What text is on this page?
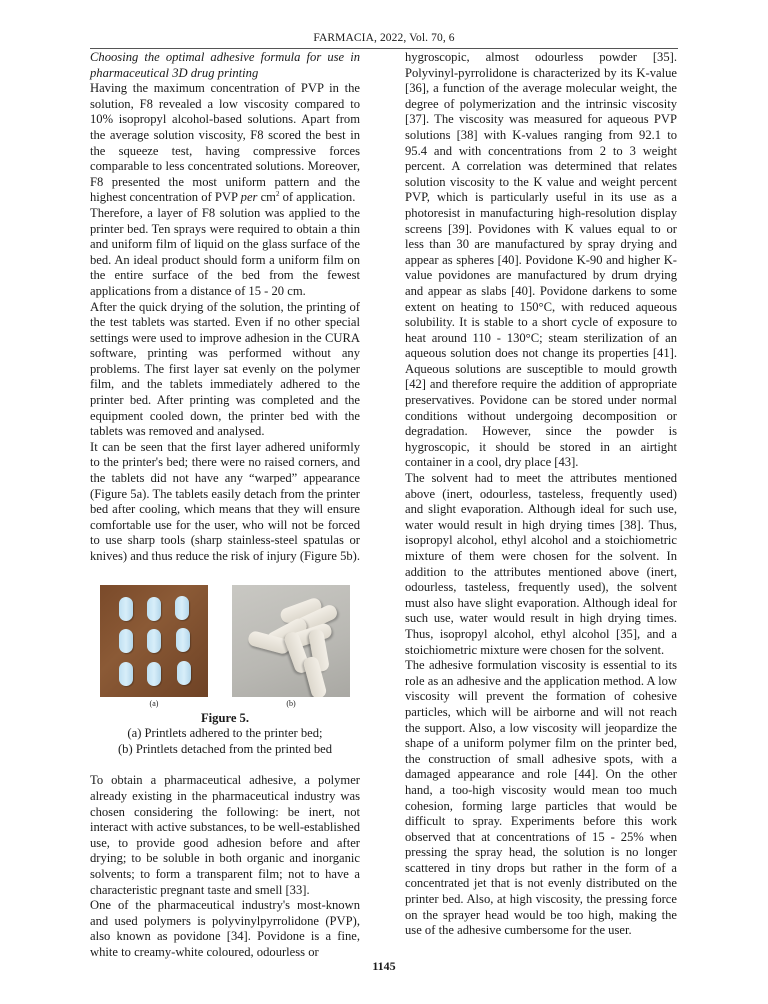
FARMACIA, 2022, Vol. 70, 6

Choosing the optimal adhesive formula for use in pharmaceutical 3D drug printing

Having the maximum concentration of PVP in the solution, F8 revealed a low viscosity compared to 10% isopropyl alcohol-based solutions. Apart from the average solution viscosity, F8 scored the best in the squeeze test, having compressive forces comparable to less concentrated solutions. Moreover, F8 presented the most uniform pattern and the highest concentration of PVP per $cm^2$ of application.

Therefore, a layer of F8 solution was applied to the printer bed. Ten sprays were required to obtain a thin and uniform film of liquid on the glass surface of the bed. An ideal product should form a uniform film on the entire surface of the bed from the fewest applications from a distance of 15 - 20 cm.

After the quick drying of the solution, the printing of the test tablets was started. Even if no other special settings were used to improve adhesion in the CURA software, printing was performed without any problems. The first layer sat evenly on the polymer film, and the tablets immediately adhered to the printer bed. After printing was completed and the equipment cooled down, the printer bed with the tablets was removed and analysed.

It can be seen that the first layer adhered uniformly to the printer's bed; there were no raised corners, and the tablets did not have any “warped” appearance (Figure 5a). The tablets easily detach from the printer bed after cooling, which means that they will ensure comfortable use for the user, who will not be forced to use sharp tools (sharp stainless-steel spatulas or knives) and thus reduce the risk of injury (Figure 5b).

(a)	(b)
Figure 5.
(a) Printlets adhered to the printer bed;
(b) Printlets detached from the printed bed

To obtain a pharmaceutical adhesive, a polymer already existing in the pharmaceutical industry was chosen considering the following: be inert, not interact with active substances, to be well-established use, to provide good adhesion before and after drying; to be soluble in both organic and inorganic solvents; to form a transparent film; not to have a characteristic pregnant taste and smell [33].

One of the pharmaceutical industry's most-known and used polymers is polyvinylpyrrolidone (PVP), also known as povidone [34]. Povidone is a fine, white to creamy-white coloured, odourless or

hygroscopic, almost odourless powder [35]. Polyvinyl-pyrrolidone is characterized by its K-value [36], a function of the average molecular weight, the degree of polymerization and the intrinsic viscosity [37]. The viscosity was measured for aqueous PVP solutions [38] with K-values ranging from 92.1 to 95.4 and with concentrations from 2 to 3 weight percent. A correlation was determined that relates solution viscosity to the K value and weight percent PVP, which is particularly useful in its use as a photoresist in manufacturing high-resolution display screens [39]. Povidones with K values equal to or less than 30 are manufactured by spray drying and appear as spheres [40]. Povidone K-90 and higher K-value povidones are manufactured by drum drying and appear as slabs [40]. Povidone darkens to some extent on heating to 150°C, with reduced aqueous solubility. It is stable to a short cycle of exposure to heat around 110 - 130°C; steam sterilization of an aqueous solution does not change its properties [41]. Aqueous solutions are susceptible to mould growth [42] and therefore require the addition of appropriate preservatives. Povidone can be stored under normal conditions without undergoing decomposition or degradation. However, since the powder is hygroscopic, it should be stored in an airtight container in a cool, dry place [43].

The solvent had to meet the attributes mentioned above (inert, odourless, tasteless, frequently used) and slight evaporation. Although ideal for such use, water would result in high drying times [38]. Thus, isopropyl alcohol, ethyl alcohol and a stoichiometric mixture of them were chosen for the solvent. In addition to the attributes mentioned above (inert, odourless, tasteless, frequently used), the solvent must also have slight evaporation. Although ideal for such use, water would result in high drying times. Thus, isopropyl alcohol, ethyl alcohol [35], and a stoichiometric mixture were chosen for the solvent.

The adhesive formulation viscosity is essential to its role as an adhesive and the application method. A low viscosity will prevent the formation of cohesive particles, which will be airborne and will not reach the support. Also, a low viscosity will jeopardize the shape of a uniform polymer film on the printer bed, the construction of small adhesive spots, with a damaged appearance and role [44]. On the other hand, a too-high viscosity would mean too much cohesion, forming large particles that would be difficult to spray. Experiments before this work observed that at concentrations of 15 - 25% when pressing the spray head, the solution is no longer scattered in tiny drops but rather in the form of a concentrated jet that is not evenly distributed on the printer bed. Also, at high viscosity, the pressing force on the sprayer head would be too high, making the use of the adhesive cumbersome for the user.

1145
